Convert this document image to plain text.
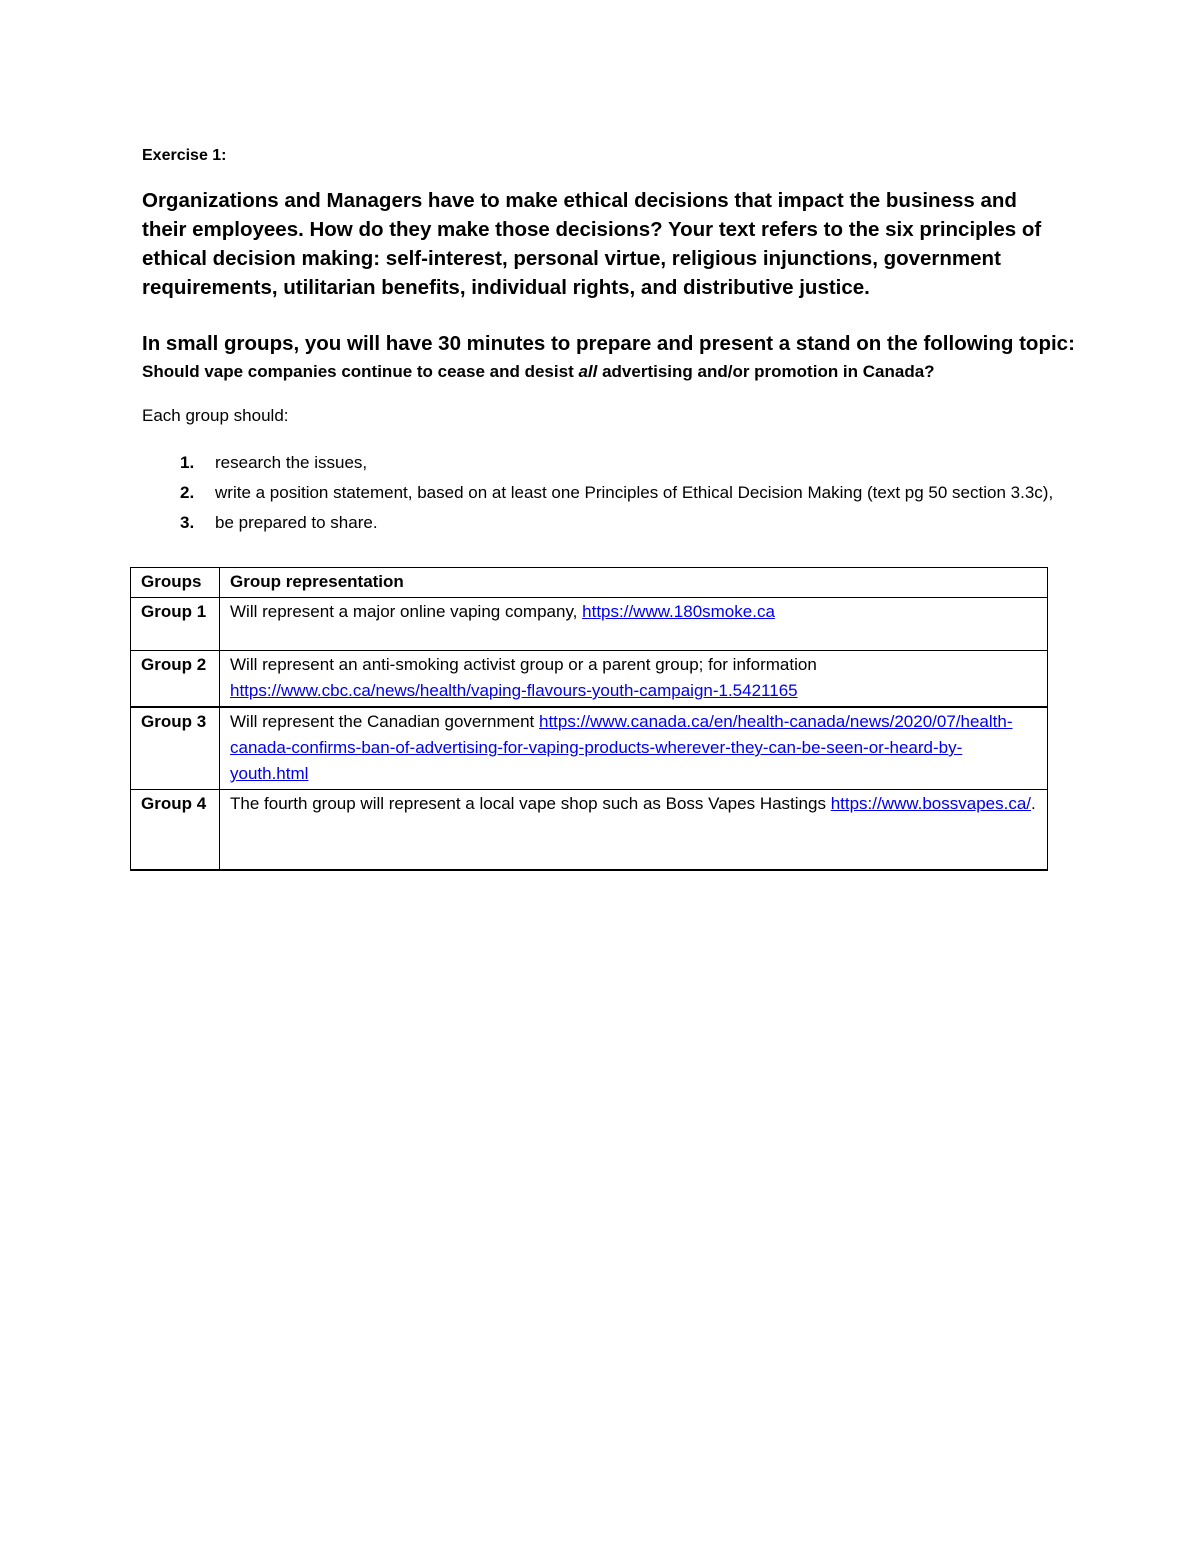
Exercise 1:

Organizations and Managers have to make ethical decisions that impact the business and their employees. How do they make those decisions? Your text refers to the six principles of ethical decision making: self-interest, personal virtue, religious injunctions, government requirements, utilitarian benefits, individual rights, and distributive justice.

In small groups, you will have 30 minutes to prepare and present a stand on the following topic:

Should vape companies continue to cease and desist all advertising and/or promotion in Canada?

Each group should:

1. research the issues,
2. write a position statement, based on at least one Principles of Ethical Decision Making (text pg 50 section 3.3c),
3. be prepared to share.
Groups	Group representation
Group 1	Will represent a major online vaping company, https://www.180smoke.ca
Group 2	Will represent an anti-smoking activist group or a parent group; for information https://www.cbc.ca/news/health/vaping-flavours-youth-campaign-1.5421165
Group 3	Will represent the Canadian government https://www.canada.ca/en/health-canada/news/2020/07/health-canada-confirms-ban-of-advertising-for-vaping-products-wherever-they-can-be-seen-or-heard-by-youth.html
Group 4	The fourth group will represent a local vape shop such as Boss Vapes Hastings https://www.bossvapes.ca/.
